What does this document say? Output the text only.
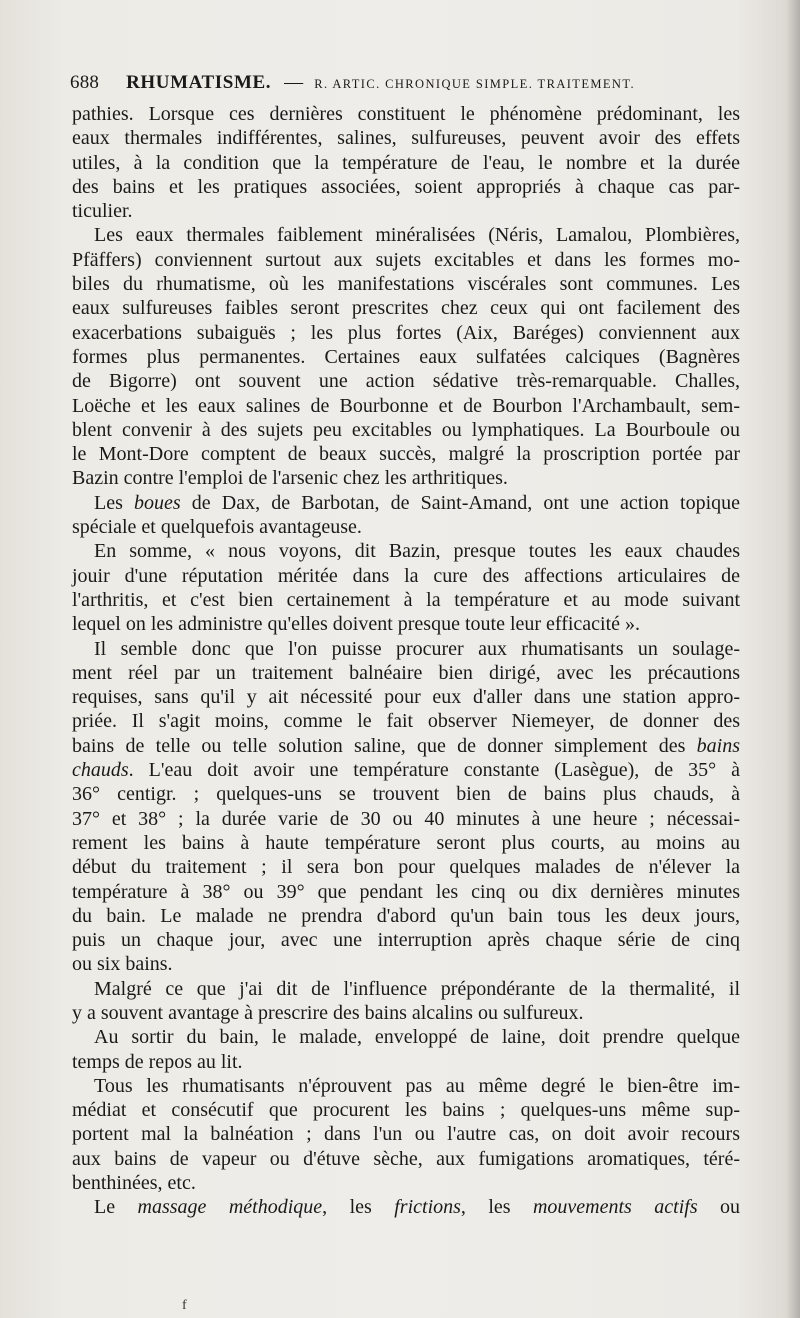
688 RHUMATISME. — R. ARTIC. CHRONIQUE SIMPLE. TRAITEMENT.
pathies. Lorsque ces dernières constituent le phénomène prédominant, les
eaux thermales indifférentes, salines, sulfureuses, peuvent avoir des effets
utiles, à la condition que la température de l'eau, le nombre et la durée
des bains et les pratiques associées, soient appropriés à chaque cas par-
ticulier.
Les eaux thermales faiblement minéralisées (Néris, Lamalou, Plombières,
Pfäffers) conviennent surtout aux sujets excitables et dans les formes mo-
biles du rhumatisme, où les manifestations viscérales sont communes. Les
eaux sulfureuses faibles seront prescrites chez ceux qui ont facilement des
exacerbations subaiguës ; les plus fortes (Aix, Baréges) conviennent aux
formes plus permanentes. Certaines eaux sulfatées calciques (Bagnères
de Bigorre) ont souvent une action sédative très-remarquable. Challes,
Loëche et les eaux salines de Bourbonne et de Bourbon l'Archambault, sem-
blent convenir à des sujets peu excitables ou lymphatiques. La Bourboule ou
le Mont-Dore comptent de beaux succès, malgré la proscription portée par
Bazin contre l'emploi de l'arsenic chez les arthritiques.
Les boues de Dax, de Barbotan, de Saint-Amand, ont une action topique
spéciale et quelquefois avantageuse.
En somme, « nous voyons, dit Bazin, presque toutes les eaux chaudes
jouir d'une réputation méritée dans la cure des affections articulaires de
l'arthritis, et c'est bien certainement à la température et au mode suivant
lequel on les administre qu'elles doivent presque toute leur efficacité ».
Il semble donc que l'on puisse procurer aux rhumatisants un soulage-
ment réel par un traitement balnéaire bien dirigé, avec les précautions
requises, sans qu'il y ait nécessité pour eux d'aller dans une station appro-
priée. Il s'agit moins, comme le fait observer Niemeyer, de donner des
bains de telle ou telle solution saline, que de donner simplement des bains
chauds. L'eau doit avoir une température constante (Lasègue), de 35° à
36° centigr. ; quelques-uns se trouvent bien de bains plus chauds, à
37° et 38° ; la durée varie de 30 ou 40 minutes à une heure ; nécessai-
rement les bains à haute température seront plus courts, au moins au
début du traitement ; il sera bon pour quelques malades de n'élever la
température à 38° ou 39° que pendant les cinq ou dix dernières minutes
du bain. Le malade ne prendra d'abord qu'un bain tous les deux jours,
puis un chaque jour, avec une interruption après chaque série de cinq
ou six bains.
Malgré ce que j'ai dit de l'influence prépondérante de la thermalité, il
y a souvent avantage à prescrire des bains alcalins ou sulfureux.
Au sortir du bain, le malade, enveloppé de laine, doit prendre quelque
temps de repos au lit.
Tous les rhumatisants n'éprouvent pas au même degré le bien-être im-
médiat et consécutif que procurent les bains ; quelques-uns même sup-
portent mal la balnéation ; dans l'un ou l'autre cas, on doit avoir recours
aux bains de vapeur ou d'étuve sèche, aux fumigations aromatiques, téré-
benthinées, etc.
Le massage méthodique, les frictions, les mouvements actifs ou
f
